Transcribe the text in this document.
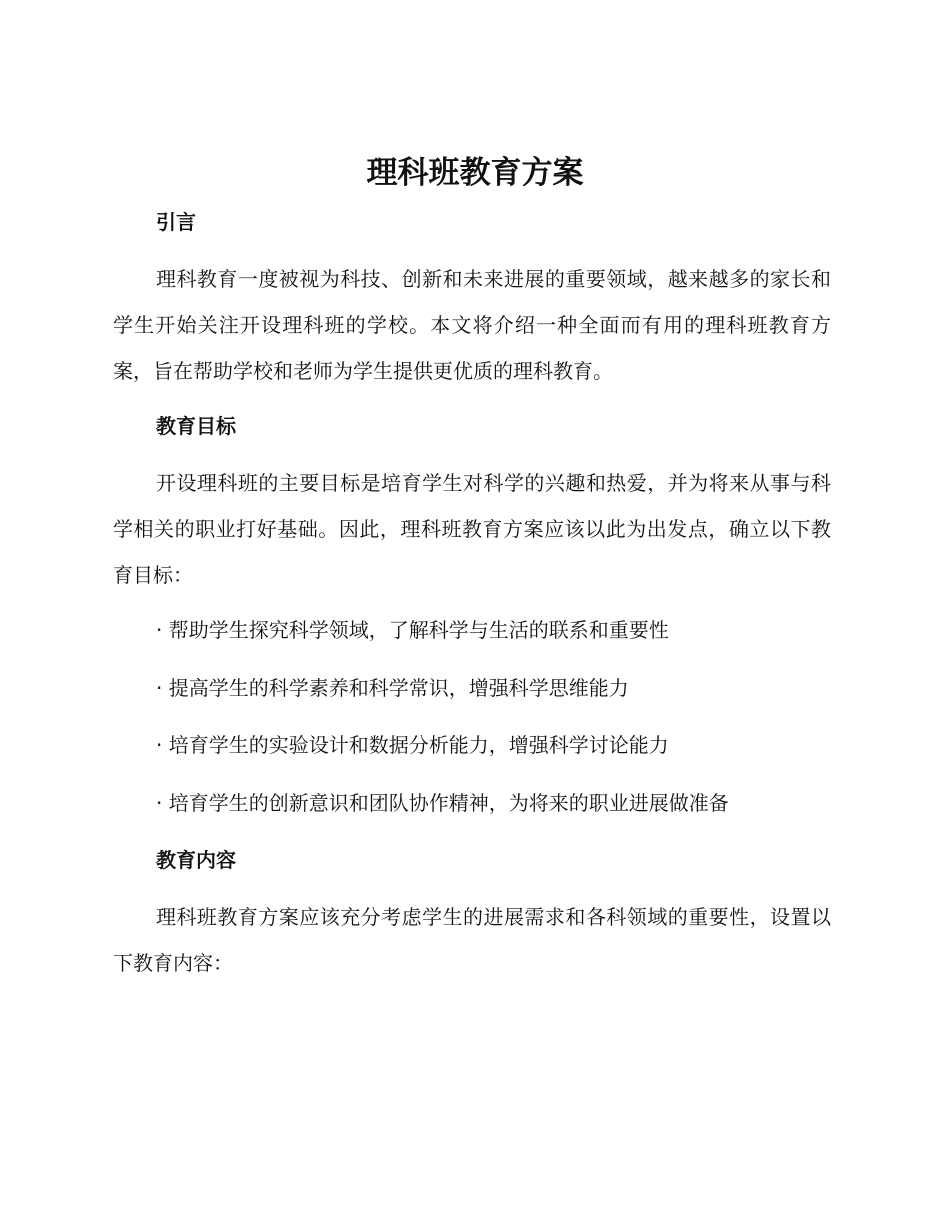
理科班教育方案
引言

理科教育一度被视为科技、创新和未来进展的重要领域，越来越多的家长和学生开始关注开设理科班的学校。本文将介绍一种全面而有用的理科班教育方案，旨在帮助学校和老师为学生提供更优质的理科教育。

教育目标

开设理科班的主要目标是培育学生对科学的兴趣和热爱，并为将来从事与科学相关的职业打好基础。因此，理科班教育方案应该以此为出发点，确立以下教育目标：

· 帮助学生探究科学领域，了解科学与生活的联系和重要性
· 提高学生的科学素养和科学常识，增强科学思维能力
· 培育学生的实验设计和数据分析能力，增强科学讨论能力
· 培育学生的创新意识和团队协作精神，为将来的职业进展做准备
教育内容

理科班教育方案应该充分考虑学生的进展需求和各科领域的重要性，设置以下教育内容：
